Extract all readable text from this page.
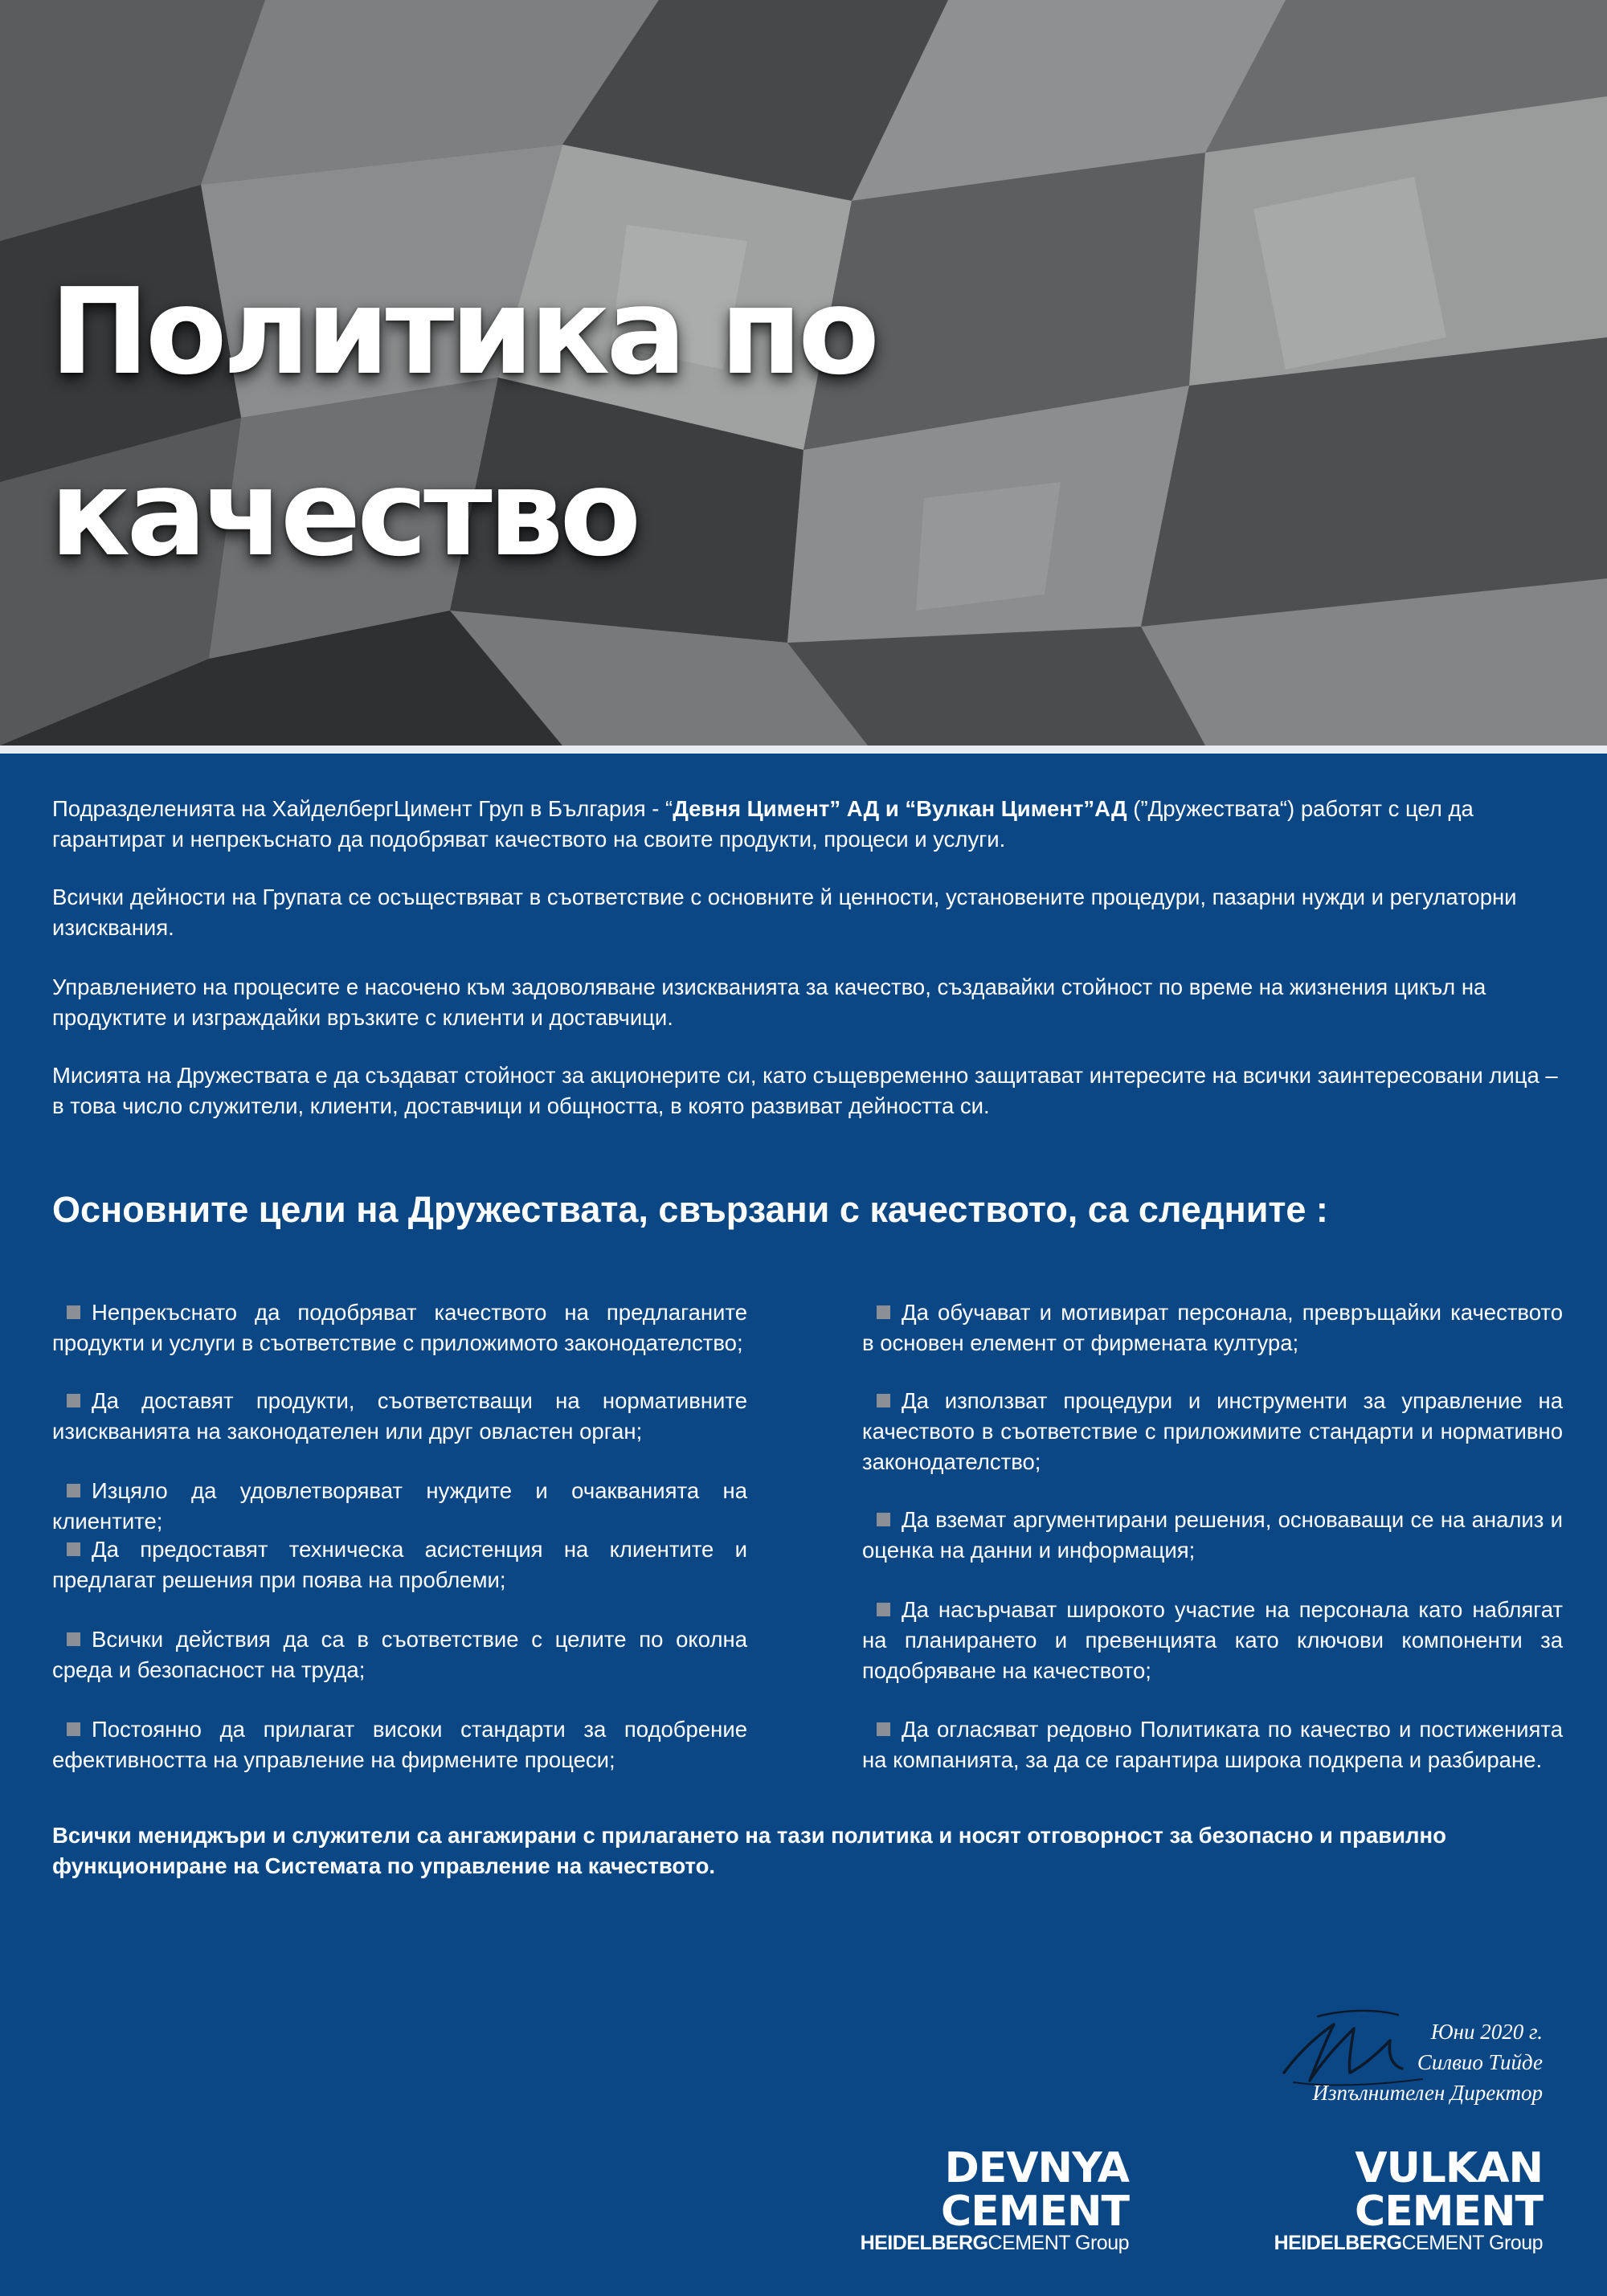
Политика по
качество

Подразделенията на ХайделбергЦимент Груп в България - “Девня Цимент” АД и “Вулкан Цимент”АД (”Дружествата“) работят с цел да гарантират и непрекъснато да подобряват качеството на своите продукти, процеси и услуги.

Всички дейности на Групата се осъществяват в съответствие с основните й ценности, установените процедури, пазарни нужди и регулаторни изисквания.

Управлението на процесите е насочено към задоволяване изискванията за качество, създавайки стойност по време на жизнения цикъл на продуктите и изграждайки връзките с клиенти и доставчици.

Мисията на Дружествата е да създават стойност за акционерите си, като същевременно защитават интересите на всички заинтересовани лица – в това число служители, клиенти, доставчици и общността, в която развиват дейността си.

Основните цели на Дружествата, свързани с качеството, са следните :

Непрекъснато да подобряват качеството на предлаганите продукти и услуги в съответствие с приложимото законодателство;

Да доставят продукти, съответстващи на нормативните изискванията на законодателен или друг овластен орган;

Изцяло да удовлетворяват нуждите и очакванията на клиентите;

Да предоставят техническа асистенция на клиентите и предлагат решения при поява на проблеми;

Всички действия да са в съответствие с целите по околна среда и безопасност на труда;

Постоянно да прилагат високи стандарти за подобрение ефективността на управление на фирмените процеси;

Да обучават и мотивират персонала, превръщайки качеството в основен елемент от фирмената култура;

Да използват процедури и инструменти за управление на качеството в съответствие с приложимите стандарти и нормативно законодателство;

Да вземат аргументирани решения, основаващи се на анализ и оценка на данни и информация;

Да насърчават широкото участие на персонала като наблягат на планирането и превенцията като ключови компоненти за подобряване на качеството;

Да огласяват редовно Политиката по качество и постиженията на компанията, за да се гарантира широка подкрепа и разбиране.

Всички мениджъри и служители са ангажирани с прилагането на тази политика и носят отговорност за безопасно и правилно функциониране на Системата по управление на качеството.

Юни 2020 г.
Силвио Тийде
Изпълнителен Директор
DEVNYA CEMENT
HEIDELBERGCEMENT Group
VULKAN CEMENT
HEIDELBERGCEMENT Group
